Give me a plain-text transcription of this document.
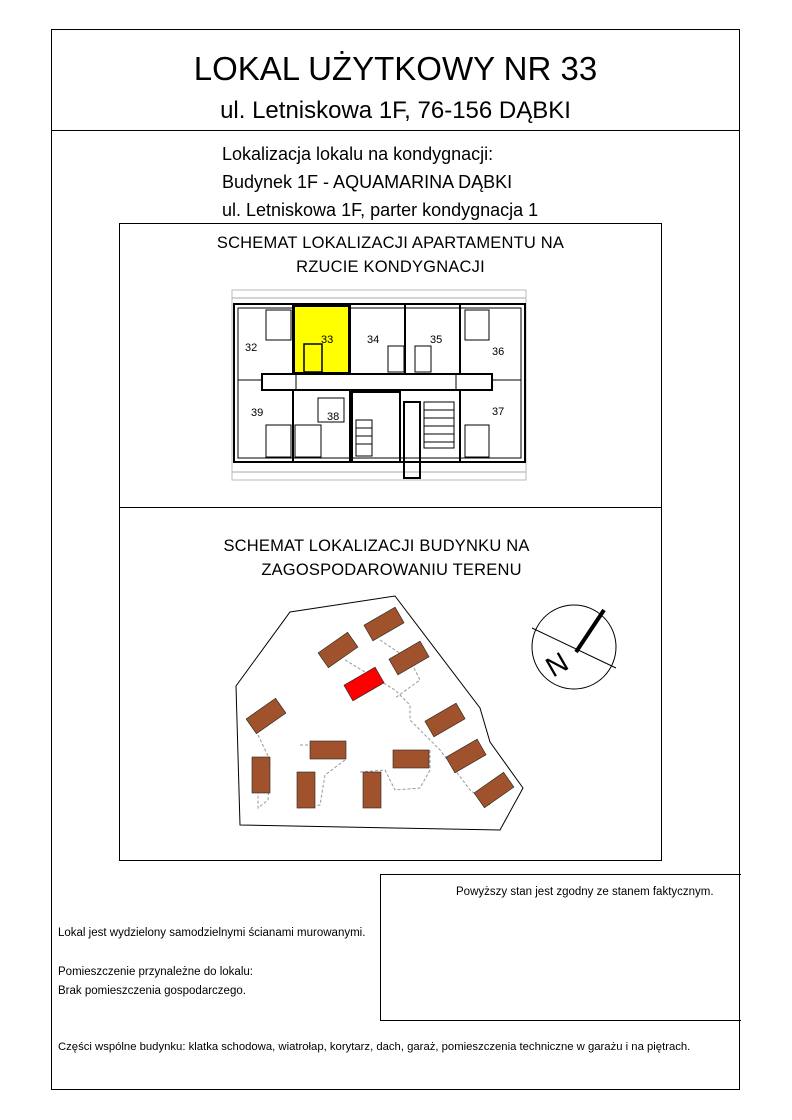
LOKAL UŻYTKOWY NR 33
ul. Letniskowa 1F, 76-156 DĄBKI
Lokalizacja lokalu na kondygnacji:
Budynek 1F - AQUAMARINA DĄBKI
ul. Letniskowa 1F, parter kondygnacja 1
SCHEMAT LOKALIZACJI APARTAMENTU NA
RZUCIE KONDYGNACJI
32
33	34	35
36
39	38	37
SCHEMAT LOKALIZACJI BUDYNKU NA
ZAGOSPODAROWANIU TERENU
N
Powyższy stan jest zgodny ze stanem faktycznym.
Lokal jest wydzielony samodzielnymi ścianami murowanymi.
Pomieszczenie przynależne do lokalu:
Brak pomieszczenia gospodarczego.
Części wspólne budynku: klatka schodowa, wiatrołap, korytarz, dach, garaż, pomieszczenia techniczne w garażu i na piętrach.
